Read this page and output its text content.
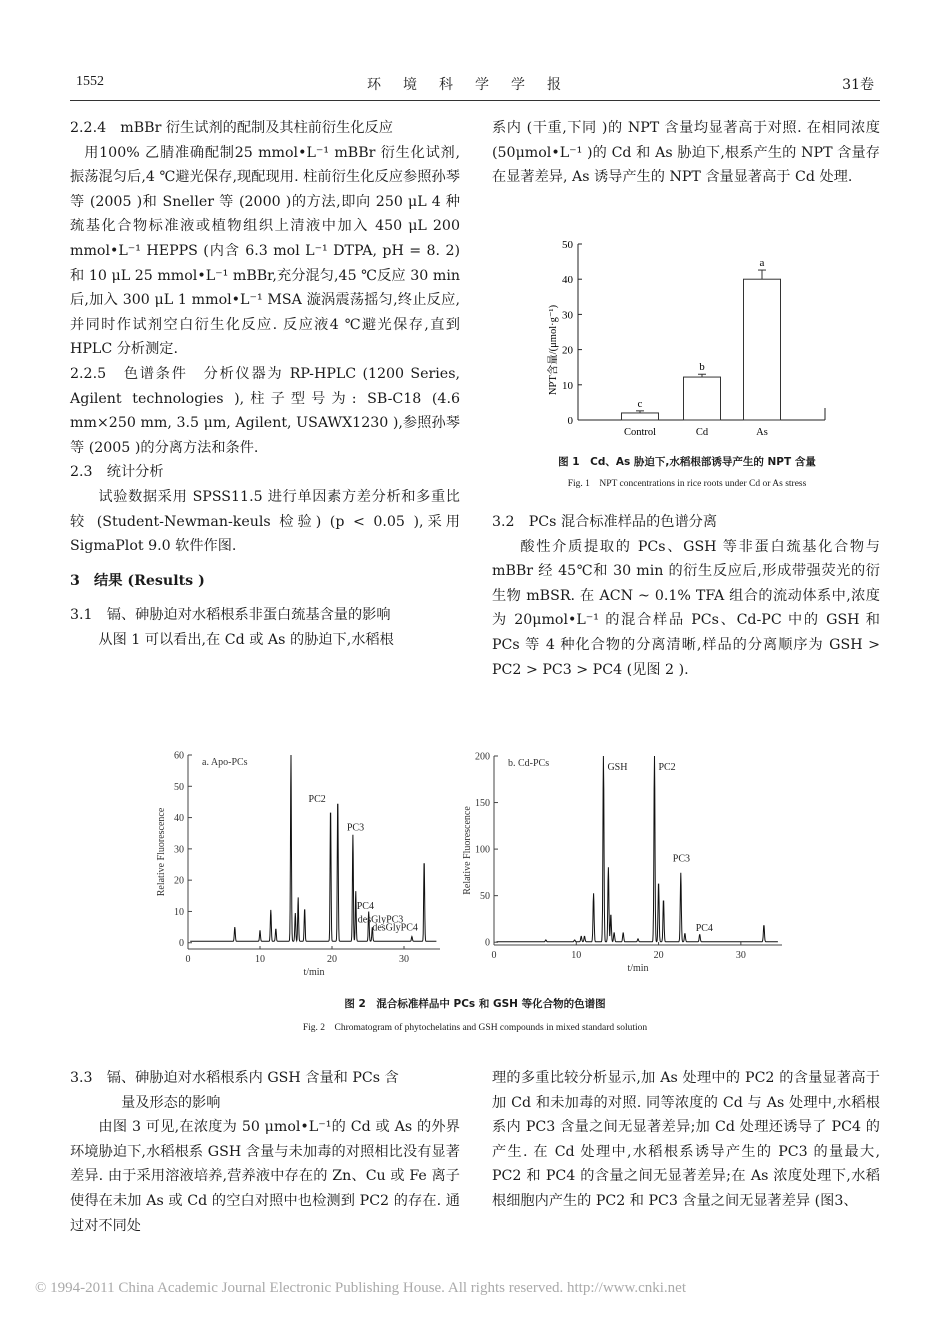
1552	环境科学学报	31卷

2.2.4　mBBr 衍生试剂的配制及其柱前衍生化反应

用100% 乙腈准确配制25 mmol•L⁻¹ mBBr 衍生化试剂,振荡混匀后,4 ℃避光保存,现配现用. 柱前衍生化反应参照孙琴等 (2005 )和 Sneller 等 (2000 )的方法,即向 250 μL 4 种巯基化合物标准液或植物组织上清液中加入 450 μL 200 mmol•L⁻¹ HEPPS (内含 6.3 mol L⁻¹ DTPA, pH = 8. 2) 和 10 μL 25 mmol•L⁻¹ mBBr,充分混匀,45 ℃反应 30 min 后,加入 300 μL 1 mmol•L⁻¹ MSA 漩涡震荡摇匀,终止反应,并同时作试剂空白衍生化反应. 反应液4 ℃避光保存,直到 HPLC 分析测定.

2.2.5　色谱条件　分析仪器为 RP-HPLC (1200 Series, Agilent technologies ),柱子型号为: SB-C18 (4.6 mm×250 mm, 3.5 μm, Agilent, USAWX1230 ),参照孙琴等 (2005 )的分离方法和条件.

2.3　统计分析

试验数据采用 SPSS11.5 进行单因素方差分析和多重比较 (Student-Newman-keuls 检验) (p < 0.05 ),采用 SigmaPlot 9.0 软件作图.

3　结果 (Results )

3.1　镉、砷胁迫对水稻根系非蛋白巯基含量的影响

从图 1 可以看出,在 Cd 或 As 的胁迫下,水稻根

系内 (干重,下同 )的 NPT 含量均显著高于对照. 在相同浓度 (50μmol•L⁻¹ )的 Cd 和 As 胁迫下,根系产生的 NPT 含量存在显著差异, As 诱导产生的 NPT 含量显著高于 Cd 处理.

0
10
20
30
40
50
c
Control
b
Cd
a
As
NPT含量/(μmol·g⁻¹)
图 1　Cd、As 胁迫下,水稻根部诱导产生的 NPT 含量
Fig. 1　NPT concentrations in rice roots under Cd or As stress

3.2　PCs 混合标准样品的色谱分离

酸性介质提取的 PCs、GSH 等非蛋白巯基化合物与 mBBr 经 45℃和 30 min 的衍生反应后,形成带强荧光的衍生物 mBSR. 在 ACN ~ 0.1% TFA 组合的流动体系中,浓度为 20μmol•L⁻¹ 的混合样品 PCs、Cd-PC 中的 GSH 和 PCs 等 4 种化合物的分离清晰,样品的分离顺序为 GSH > PC2 > PC3 > PC4 (见图 2 ).

0
10
20
30
40
50
60
0	10	20	30
t/min
Relative Fluorescence
a. Apo-PCs
PC2
PC3
desGlyPC3
PC4
desGlyPC4
0
50
100
150
200
0	10	20	30
t/min
Relative Fluorescence
b. Cd-PCs	GSH	PC2
PC3
PC4
图 2　混合标准样品中 PCs 和 GSH 等化合物的色谱图
Fig. 2　Chromatogram of phytochelatins and GSH compounds in mixed standard solution

3.3　镉、砷胁迫对水稻根系内 GSH 含量和 PCs 含

量及形态的影响

由图 3 可见,在浓度为 50 μmol•L⁻¹的 Cd 或 As 的外界环境胁迫下,水稻根系 GSH 含量与未加毒的对照相比没有显著差异. 由于采用溶液培养,营养液中存在的 Zn、Cu 或 Fe 离子使得在未加 As 或 Cd 的空白对照中也检测到 PC2 的存在. 通过对不同处

理的多重比较分析显示,加 As 处理中的 PC2 的含量显著高于加 Cd 和未加毒的对照. 同等浓度的 Cd 与 As 处理中,水稻根系内 PC3 含量之间无显著差异;加 Cd 处理还诱导了 PC4 的产生. 在 Cd 处理中,水稻根系诱导产生的 PC3 的量最大, PC2 和 PC4 的含量之间无显著差异;在 As 浓度处理下,水稻根细胞内产生的 PC2 和 PC3 含量之间无显著差异 (图3、

© 1994-2011 China Academic Journal Electronic Publishing House. All rights reserved. http://www.cnki.net
